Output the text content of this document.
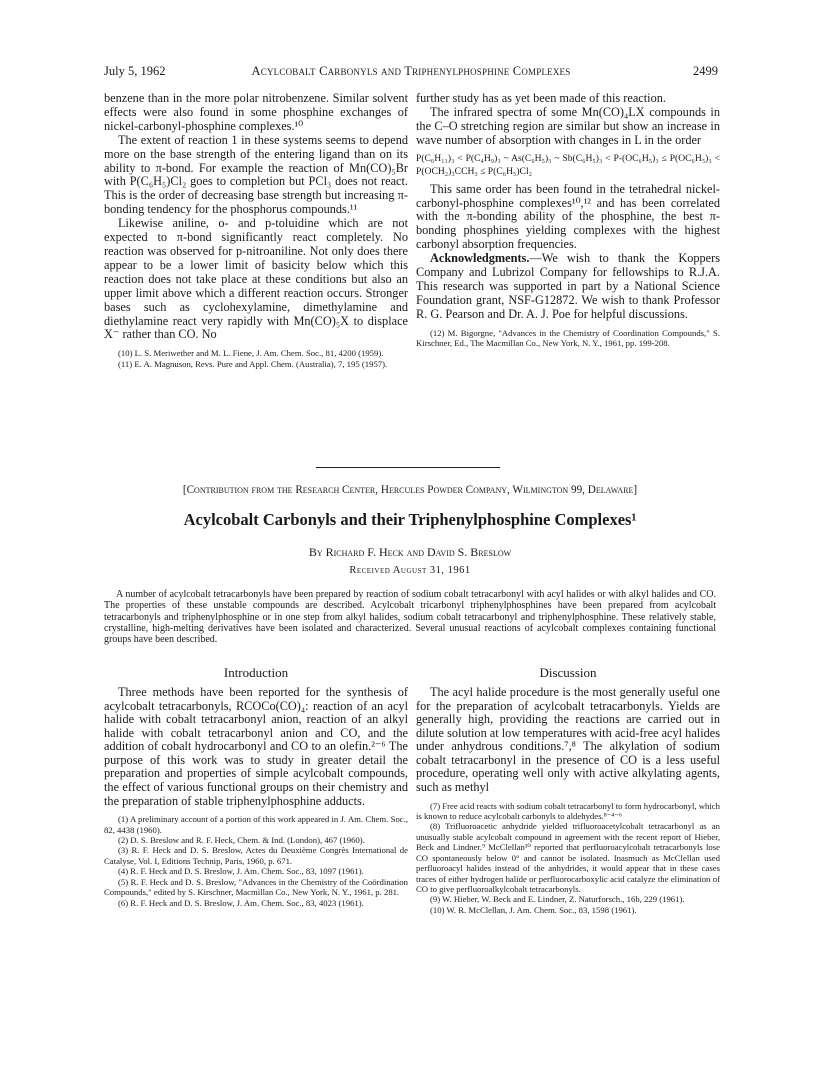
July 5, 1962	Acylcobalt Carbonyls and Triphenylphosphine Complexes	2499

benzene than in the more polar nitrobenzene. Similar solvent effects were also found in some phosphine exchanges of nickel-carbonyl-phosphine complexes.¹⁰

The extent of reaction 1 in these systems seems to depend more on the base strength of the entering ligand than on its ability to π-bond. For example the reaction of Mn(CO)₅Br with P(C₆H₅)Cl₂ goes to completion but PCl₃ does not react. This is the order of decreasing base strength but increasing π-bonding tendency for the phosphorus compounds.¹¹

Likewise aniline, o- and p-toluidine which are not expected to π-bond significantly react completely. No reaction was observed for p-nitroaniline. Not only does there appear to be a lower limit of basicity below which this reaction does not take place at these conditions but also an upper limit above which a different reaction occurs. Stronger bases such as cyclohexylamine, dimethylamine and diethylamine react very rapidly with Mn(CO)₅X to displace X⁻ rather than CO. No

(10) L. S. Meriwether and M. L. Fiene, J. Am. Chem. Soc., 81, 4200 (1959).

(11) E. A. Magnuson, Revs. Pure and Appl. Chem. (Australia), 7, 195 (1957).

further study has as yet been made of this reaction.

The infrared spectra of some Mn(CO)₄LX compounds in the C–O stretching region are similar but show an increase in wave number of absorption with changes in L in the order

P(C₆H₁₁)₃ < P(C₄H₉)₃ ~ As(C₆H₅)₃ ~ Sb(C₆H₅)₃ < P-(OC₆H₅)₃ ≤ P(OC₆H₅)₃ < P(OCH₂)₃CCH₃ ≤ P(C₆H₅)Cl₂

This same order has been found in the tetrahedral nickel-carbonyl-phosphine complexes¹⁰,¹² and has been correlated with the π-bonding ability of the phosphine, the best π-bonding phosphines yielding complexes with the highest carbonyl absorption frequencies.

Acknowledgments.—We wish to thank the Koppers Company and Lubrizol Company for fellowships to R.J.A. This research was supported in part by a National Science Foundation grant, NSF-G12872. We wish to thank Professor R. G. Pearson and Dr. A. J. Poe for helpful discussions.

(12) M. Bigorgne, "Advances in the Chemistry of Coordination Compounds," S. Kirschner, Ed., The Macmillan Co., New York, N. Y., 1961, pp. 199-208.

[Contribution from the Research Center, Hercules Powder Company, Wilmington 99, Delaware]
Acylcobalt Carbonyls and their Triphenylphosphine Complexes¹
By Richard F. Heck and David S. Breslow
Received August 31, 1961

A number of acylcobalt tetracarbonyls have been prepared by reaction of sodium cobalt tetracarbonyl with acyl halides or with alkyl halides and CO. The properties of these unstable compounds are described. Acylcobalt tricarbonyl triphenylphosphines have been prepared from acylcobalt tetracarbonyls and triphenylphosphine or in one step from alkyl halides, sodium cobalt tetracarbonyl and triphenylphosphine. These relatively stable, crystalline, high-melting derivatives have been isolated and characterized. Several unusual reactions of acylcobalt complexes containing functional groups have been described.

Introduction

Three methods have been reported for the synthesis of acylcobalt tetracarbonyls, RCOCo(CO)₄: reaction of an acyl halide with cobalt tetracarbonyl anion, reaction of an alkyl halide with cobalt tetracarbonyl anion and CO, and the addition of cobalt hydrocarbonyl and CO to an olefin.²⁻⁶ The purpose of this work was to study in greater detail the preparation and properties of simple acylcobalt compounds, the effect of various functional groups on their chemistry and the preparation of stable triphenylphosphine adducts.

(1) A preliminary account of a portion of this work appeared in J. Am. Chem. Soc., 82, 4438 (1960).

(2) D. S. Breslow and R. F. Heck, Chem. & Ind. (London), 467 (1960).

(3) R. F. Heck and D. S. Breslow, Actes du Deuxième Congrès International de Catalyse, Vol. I, Editions Technip, Paris, 1960, p. 671.

(4) R. F. Heck and D. S. Breslow, J. Am. Chem. Soc., 83, 1097 (1961).

(5) R. F. Heck and D. S. Breslow, "Advances in the Chemistry of the Coördination Compounds," edited by S. Kirschner, Macmillan Co., New York, N. Y., 1961, p. 281.

(6) R. F. Heck and D. S. Breslow, J. Am. Chem. Soc., 83, 4023 (1961).

Discussion

The acyl halide procedure is the most generally useful one for the preparation of acylcobalt tetracarbonyls. Yields are generally high, providing the reactions are carried out in dilute solution at low temperatures with acid-free acyl halides under anhydrous conditions.⁷,⁸ The alkylation of sodium cobalt tetracarbonyl in the presence of CO is a less useful procedure, operating well only with active alkylating agents, such as methyl

(7) Free acid reacts with sodium cobalt tetracarbonyl to form hydrocarbonyl, which is known to reduce acylcobalt carbonyls to aldehydes.⁸⁻⁴⁻⁶

(8) Trifluoroacetic anhydride yielded trifluoroacetylcobalt tetracarbonyl as an unusually stable acylcobalt compound in agreement with the recent report of Hieber, Beck and Lindner.⁹ McClellan¹⁰ reported that perfluoroacylcobalt tetracarbonyls lose CO spontaneously below 0° and cannot be isolated. Inasmuch as McClellan used perfluoroacyl halides instead of the anhydrides, it would appear that in these cases traces of either hydrogen halide or perfluorocarboxylic acid catalyze the elimination of CO to give perfluoroalkylcobalt tetracarbonyls.

(9) W. Hieber, W. Beck and E. Lindner, Z. Naturforsch., 16b, 229 (1961).

(10) W. R. McClellan, J. Am. Chem. Soc., 83, 1598 (1961).
